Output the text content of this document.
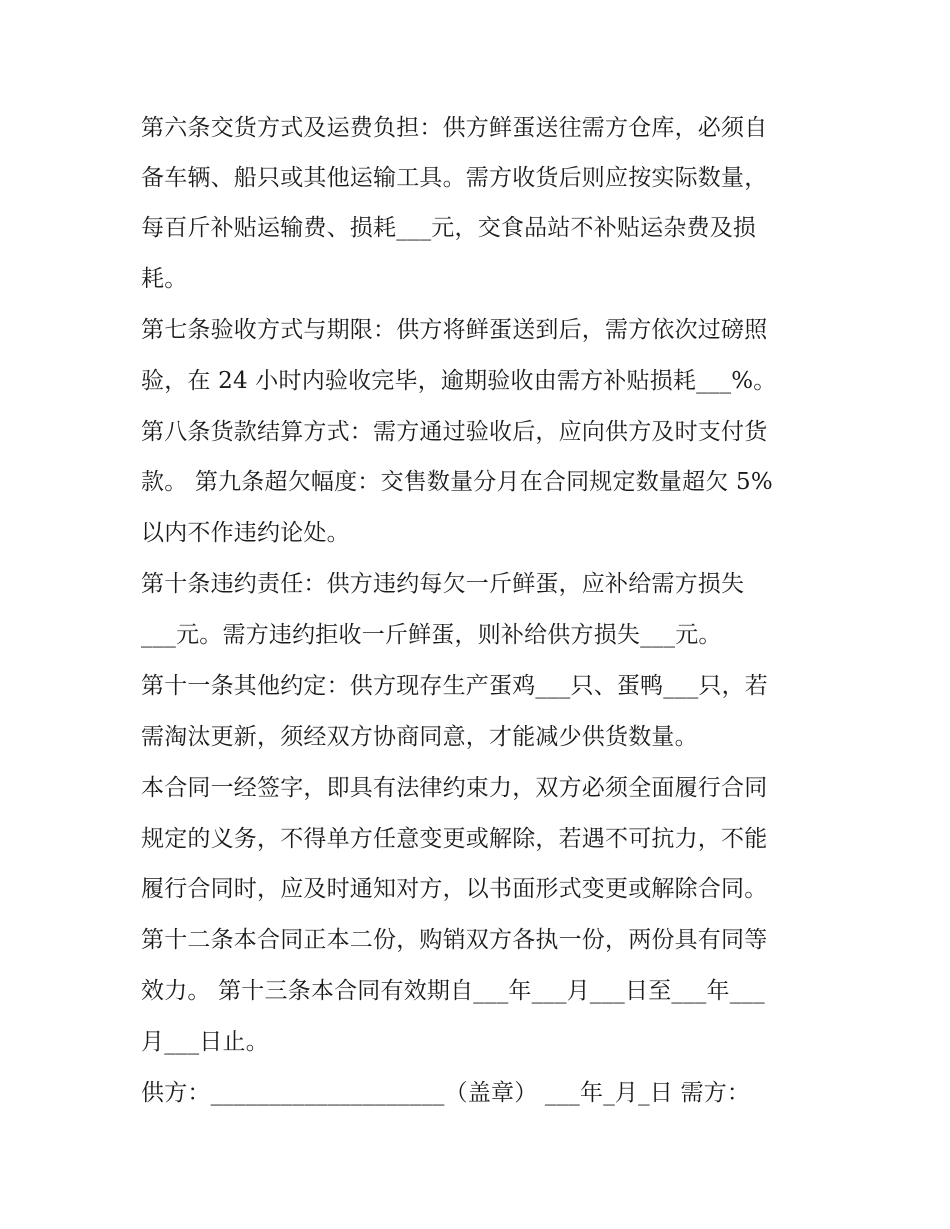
第六条交货方式及运费负担：供方鲜蛋送往需方仓库，必须自

备车辆、船只或其他运输工具。需方收货后则应按实际数量，

每百斤补贴运输费、损耗___元，交食品站不补贴运杂费及损

耗。

第七条验收方式与期限：供方将鲜蛋送到后，需方依次过磅照

验，在 24 小时内验收完毕，逾期验收由需方补贴损耗___%。

第八条货款结算方式：需方通过验收后，应向供方及时支付货

款。 第九条超欠幅度：交售数量分月在合同规定数量超欠 5%

以内不作违约论处。

第十条违约责任：供方违约每欠一斤鲜蛋，应补给需方损失

___元。需方违约拒收一斤鲜蛋，则补给供方损失___元。

第十一条其他约定：供方现存生产蛋鸡___只、蛋鸭___只，若

需淘汰更新，须经双方协商同意，才能减少供货数量。

本合同一经签字，即具有法律约束力，双方必须全面履行合同

规定的义务，不得单方任意变更或解除，若遇不可抗力，不能

履行合同时，应及时通知对方，以书面形式变更或解除合同。

第十二条本合同正本二份，购销双方各执一份，两份具有同等

效力。 第十三条本合同有效期自___年___月___日至___年___

月___日止。

供方：____________________（盖章） ___年_月_日 需方：
